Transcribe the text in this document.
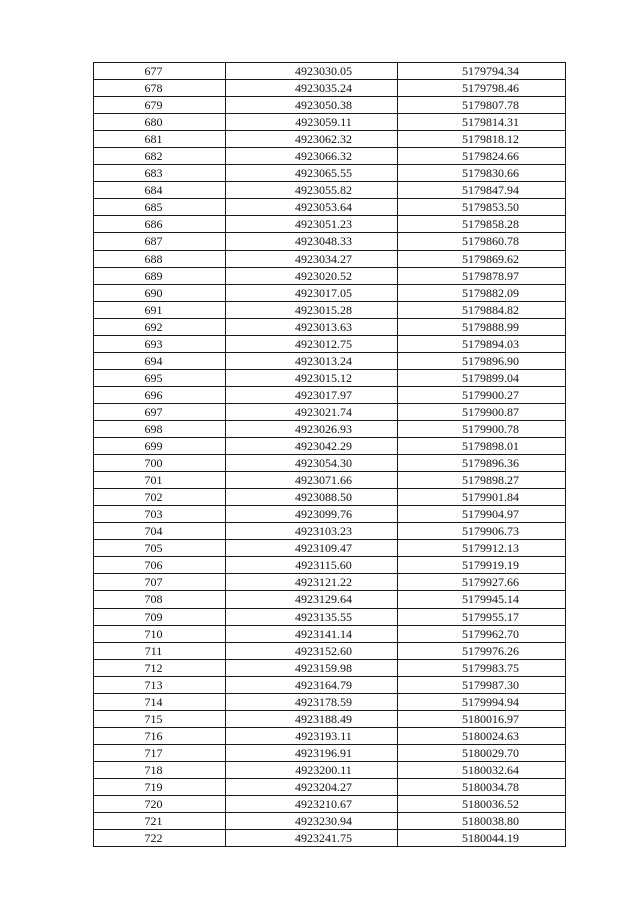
677	4923030.05	5179794.34
678	4923035.24	5179798.46
679	4923050.38	5179807.78
680	4923059.11	5179814.31
681	4923062.32	5179818.12
682	4923066.32	5179824.66
683	4923065.55	5179830.66
684	4923055.82	5179847.94
685	4923053.64	5179853.50
686	4923051.23	5179858.28
687	4923048.33	5179860.78
688	4923034.27	5179869.62
689	4923020.52	5179878.97
690	4923017.05	5179882.09
691	4923015.28	5179884.82
692	4923013.63	5179888.99
693	4923012.75	5179894.03
694	4923013.24	5179896.90
695	4923015.12	5179899.04
696	4923017.97	5179900.27
697	4923021.74	5179900.87
698	4923026.93	5179900.78
699	4923042.29	5179898.01
700	4923054.30	5179896.36
701	4923071.66	5179898.27
702	4923088.50	5179901.84
703	4923099.76	5179904.97
704	4923103.23	5179906.73
705	4923109.47	5179912.13
706	4923115.60	5179919.19
707	4923121.22	5179927.66
708	4923129.64	5179945.14
709	4923135.55	5179955.17
710	4923141.14	5179962.70
711	4923152.60	5179976.26
712	4923159.98	5179983.75
713	4923164.79	5179987.30
714	4923178.59	5179994.94
715	4923188.49	5180016.97
716	4923193.11	5180024.63
717	4923196.91	5180029.70
718	4923200.11	5180032.64
719	4923204.27	5180034.78
720	4923210.67	5180036.52
721	4923230.94	5180038.80
722	4923241.75	5180044.19
